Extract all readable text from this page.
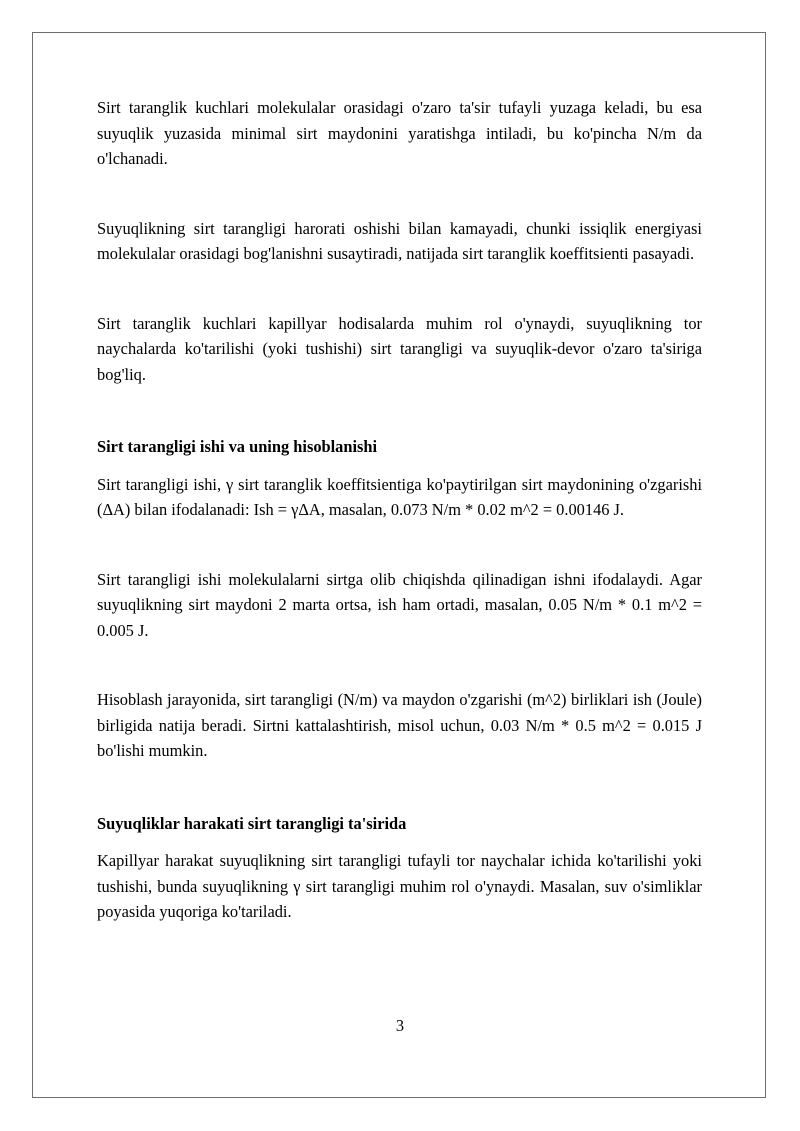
Sirt taranglik kuchlari molekulalar orasidagi o'zaro ta'sir tufayli yuzaga keladi, bu esa suyuqlik yuzasida minimal sirt maydonini yaratishga intiladi, bu ko'pincha N/m da o'lchanadi.

Suyuqlikning sirt tarangligi harorati oshishi bilan kamayadi, chunki issiqlik energiyasi molekulalar orasidagi bog'lanishni susaytiradi, natijada sirt taranglik koeffitsienti pasayadi.

Sirt taranglik kuchlari kapillyar hodisalarda muhim rol o'ynaydi, suyuqlikning tor naychalarda ko'tarilishi (yoki tushishi) sirt tarangligi va suyuqlik-devor o'zaro ta'siriga bog'liq.

Sirt tarangligi ishi va uning hisoblanishi

Sirt tarangligi ishi, γ sirt taranglik koeffitsientiga ko'paytirilgan sirt maydonining o'zgarishi (ΔA) bilan ifodalanadi: Ish = γΔA, masalan, 0.073 N/m * 0.02 m^2 = 0.00146 J.

Sirt tarangligi ishi molekulalarni sirtga olib chiqishda qilinadigan ishni ifodalaydi. Agar suyuqlikning sirt maydoni 2 marta ortsa, ish ham ortadi, masalan, 0.05 N/m * 0.1 m^2 = 0.005 J.

Hisoblash jarayonida, sirt tarangligi (N/m) va maydon o'zgarishi (m^2) birliklari ish (Joule) birligida natija beradi. Sirtni kattalashtirish, misol uchun, 0.03 N/m * 0.5 m^2 = 0.015 J bo'lishi mumkin.

Suyuqliklar harakati sirt tarangligi ta'sirida

Kapillyar harakat suyuqlikning sirt tarangligi tufayli tor naychalar ichida ko'tarilishi yoki tushishi, bunda suyuqlikning γ sirt tarangligi muhim rol o'ynaydi. Masalan, suv o'simliklar poyasida yuqoriga ko'tariladi.

3
